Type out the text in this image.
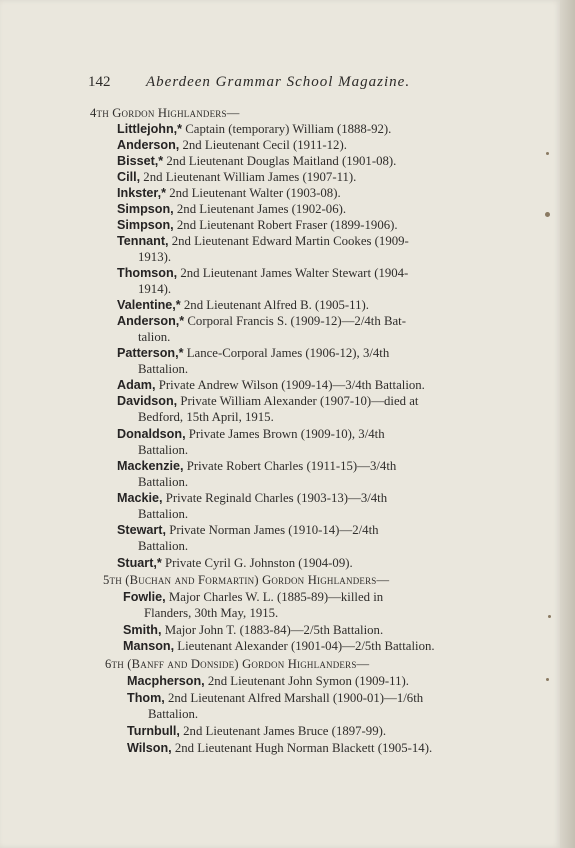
142 Aberdeen Grammar School Magazine.
4th Gordon Highlanders—
Littlejohn,* Captain (temporary) William (1888-92).
Anderson, 2nd Lieutenant Cecil (1911-12).
Bisset,* 2nd Lieutenant Douglas Maitland (1901-08).
Cill, 2nd Lieutenant William James (1907-11).
Inkster,* 2nd Lieutenant Walter (1903-08).
Simpson, 2nd Lieutenant James (1902-06).
Simpson, 2nd Lieutenant Robert Fraser (1899-1906).
Tennant, 2nd Lieutenant Edward Martin Cookes (1909-
1913).
Thomson, 2nd Lieutenant James Walter Stewart (1904-
1914).
Valentine,* 2nd Lieutenant Alfred B. (1905-11).
Anderson,* Corporal Francis S. (1909-12)—2/4th Bat-
talion.
Patterson,* Lance-Corporal James (1906-12), 3/4th
Battalion.
Adam, Private Andrew Wilson (1909-14)—3/4th Battalion.
Davidson, Private William Alexander (1907-10)—died at
Bedford, 15th April, 1915.
Donaldson, Private James Brown (1909-10), 3/4th
Battalion.
Mackenzie, Private Robert Charles (1911-15)—3/4th
Battalion.
Mackie, Private Reginald Charles (1903-13)—3/4th
Battalion.
Stewart, Private Norman James (1910-14)—2/4th
Battalion.
Stuart,* Private Cyril G. Johnston (1904-09).
5th (Buchan and Formartin) Gordon Highlanders—
Fowlie, Major Charles W. L. (1885-89)—killed in
Flanders, 30th May, 1915.
Smith, Major John T. (1883-84)—2/5th Battalion.
Manson, Lieutenant Alexander (1901-04)—2/5th Battalion.
6th (Banff and Donside) Gordon Highlanders—
Macpherson, 2nd Lieutenant John Symon (1909-11).
Thom, 2nd Lieutenant Alfred Marshall (1900-01)—1/6th
Battalion.
Turnbull, 2nd Lieutenant James Bruce (1897-99).
Wilson, 2nd Lieutenant Hugh Norman Blackett (1905-14).
